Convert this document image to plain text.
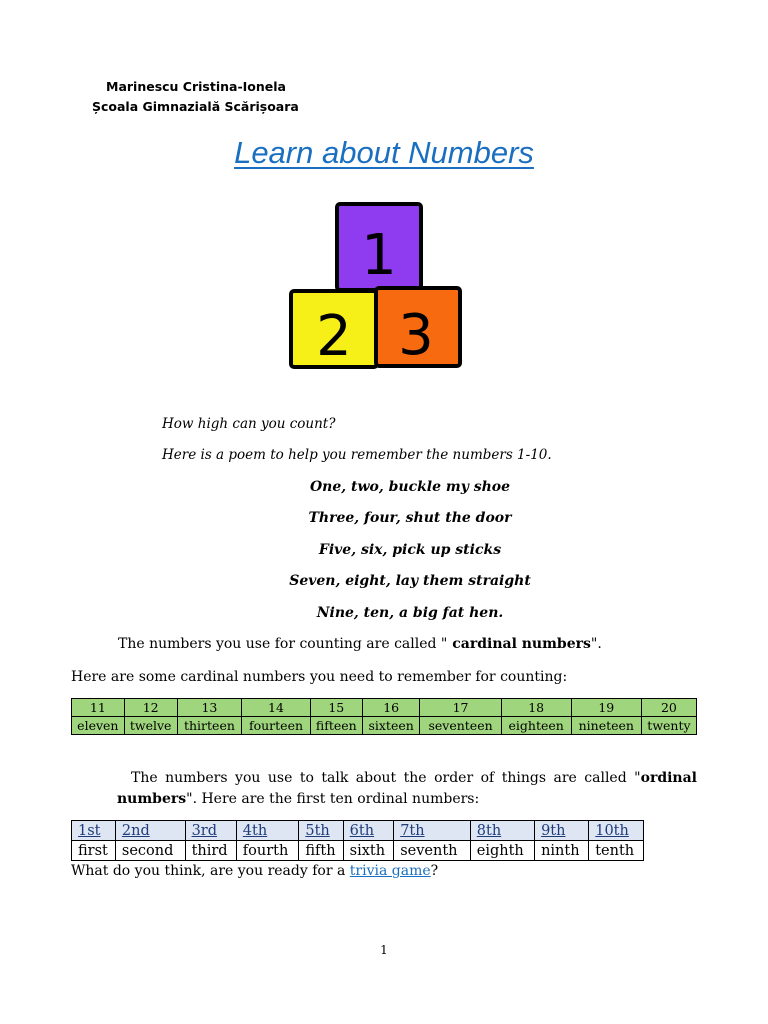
Marinescu Cristina-Ionela
Școala Gimnazială Scărișoara
Learn about Numbers
1
2 3
How high can you count?
Here is a poem to help you remember the numbers 1-10.
One, two, buckle my shoe
Three, four, shut the door
Five, six, pick up sticks
Seven, eight, lay them straight
Nine, ten, a big fat hen.
The numbers you use for counting are called " cardinal numbers".
Here are some cardinal numbers you need to remember for counting:
11	12	13	14	15	16	17	18	19	20
eleven	twelve	thirteen	fourteen	fifteen	sixteen	seventeen	eighteen	nineteen	twenty
The numbers you use to talk about the order of things are called "ordinal numbers". Here are the first ten ordinal numbers:
1st	2nd	3rd	4th	5th	6th	7th	8th	9th	10th
first	second	third	fourth	fifth	sixth	seventh	eighth	ninth	tenth
What do you think, are you ready for a trivia game?
1
